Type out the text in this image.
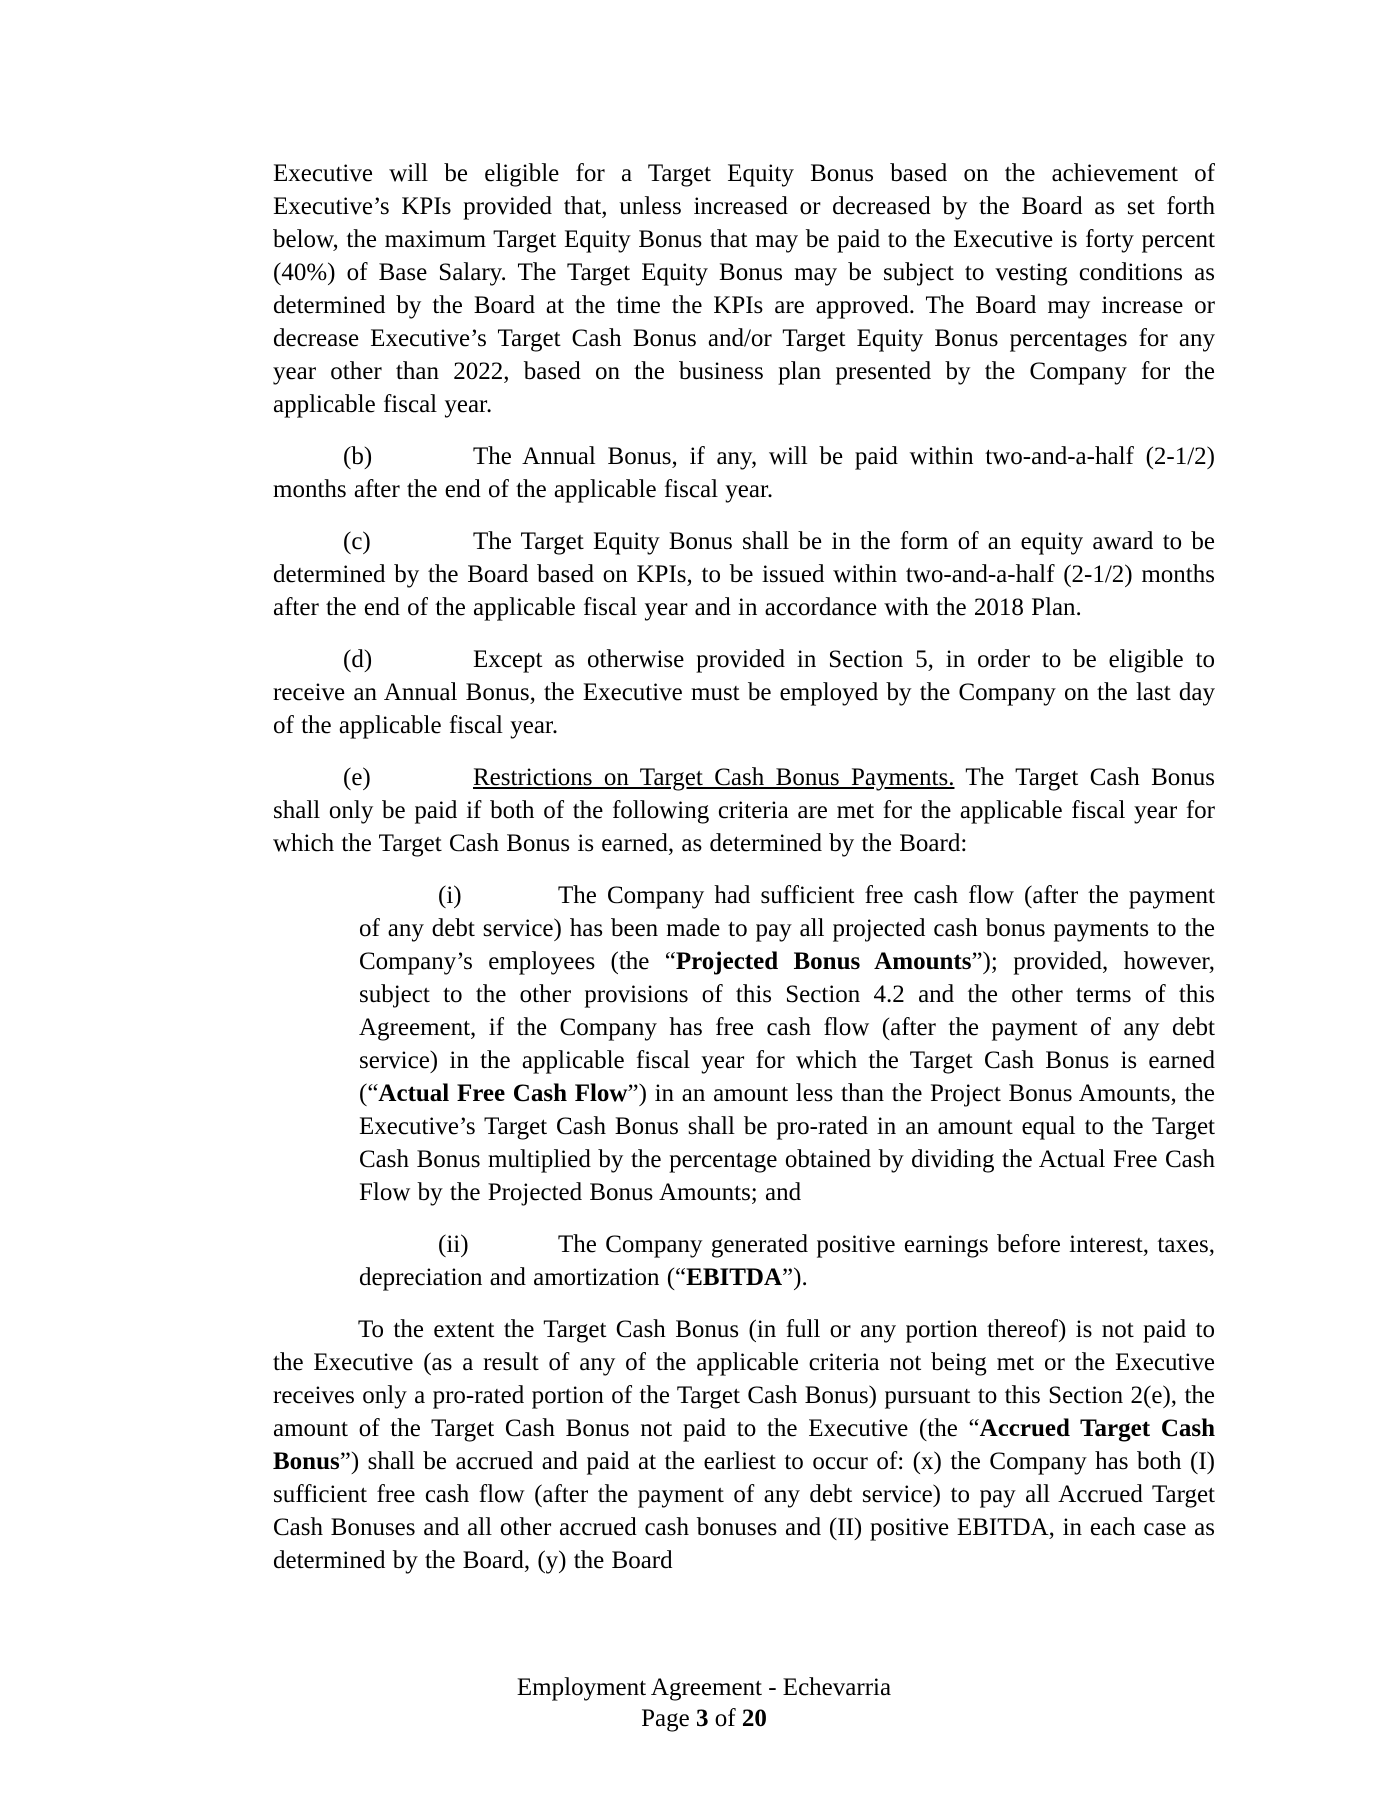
Executive will be eligible for a Target Equity Bonus based on the achievement of Executive’s KPIs provided that, unless increased or decreased by the Board as set forth below, the maximum Target Equity Bonus that may be paid to the Executive is forty percent (40%) of Base Salary. The Target Equity Bonus may be subject to vesting conditions as determined by the Board at the time the KPIs are approved. The Board may increase or decrease Executive’s Target Cash Bonus and/or Target Equity Bonus percentages for any year other than 2022, based on the business plan presented by the Company for the applicable fiscal year.

(b)	The Annual Bonus, if any, will be paid within two-and-a-half (2-1/2) months after the end of the applicable fiscal year.

(c)	The Target Equity Bonus shall be in the form of an equity award to be determined by the Board based on KPIs, to be issued within two-and-a-half (2-1/2) months after the end of the applicable fiscal year and in accordance with the 2018 Plan.

(d)	Except as otherwise provided in Section 5, in order to be eligible to receive an Annual Bonus, the Executive must be employed by the Company on the last day of the applicable fiscal year.

(e)	Restrictions on Target Cash Bonus Payments. The Target Cash Bonus shall only be paid if both of the following criteria are met for the applicable fiscal year for which the Target Cash Bonus is earned, as determined by the Board:

(i)	The Company had sufficient free cash flow (after the payment of any debt service) has been made to pay all projected cash bonus payments to the Company’s employees (the “Projected Bonus Amounts”); provided, however, subject to the other provisions of this Section 4.2 and the other terms of this Agreement, if the Company has free cash flow (after the payment of any debt service) in the applicable fiscal year for which the Target Cash Bonus is earned (“Actual Free Cash Flow”) in an amount less than the Project Bonus Amounts, the Executive’s Target Cash Bonus shall be pro-rated in an amount equal to the Target Cash Bonus multiplied by the percentage obtained by dividing the Actual Free Cash Flow by the Projected Bonus Amounts; and

(ii)	The Company generated positive earnings before interest, taxes, depreciation and amortization (“EBITDA”).

To the extent the Target Cash Bonus (in full or any portion thereof) is not paid to the Executive (as a result of any of the applicable criteria not being met or the Executive receives only a pro-rated portion of the Target Cash Bonus) pursuant to this Section 2(e), the amount of the Target Cash Bonus not paid to the Executive (the “Accrued Target Cash Bonus”) shall be accrued and paid at the earliest to occur of: (x) the Company has both (I) sufficient free cash flow (after the payment of any debt service) to pay all Accrued Target Cash Bonuses and all other accrued cash bonuses and (II) positive EBITDA, in each case as determined by the Board, (y) the Board

Employment Agreement - Echevarria
Page 3 of 20
